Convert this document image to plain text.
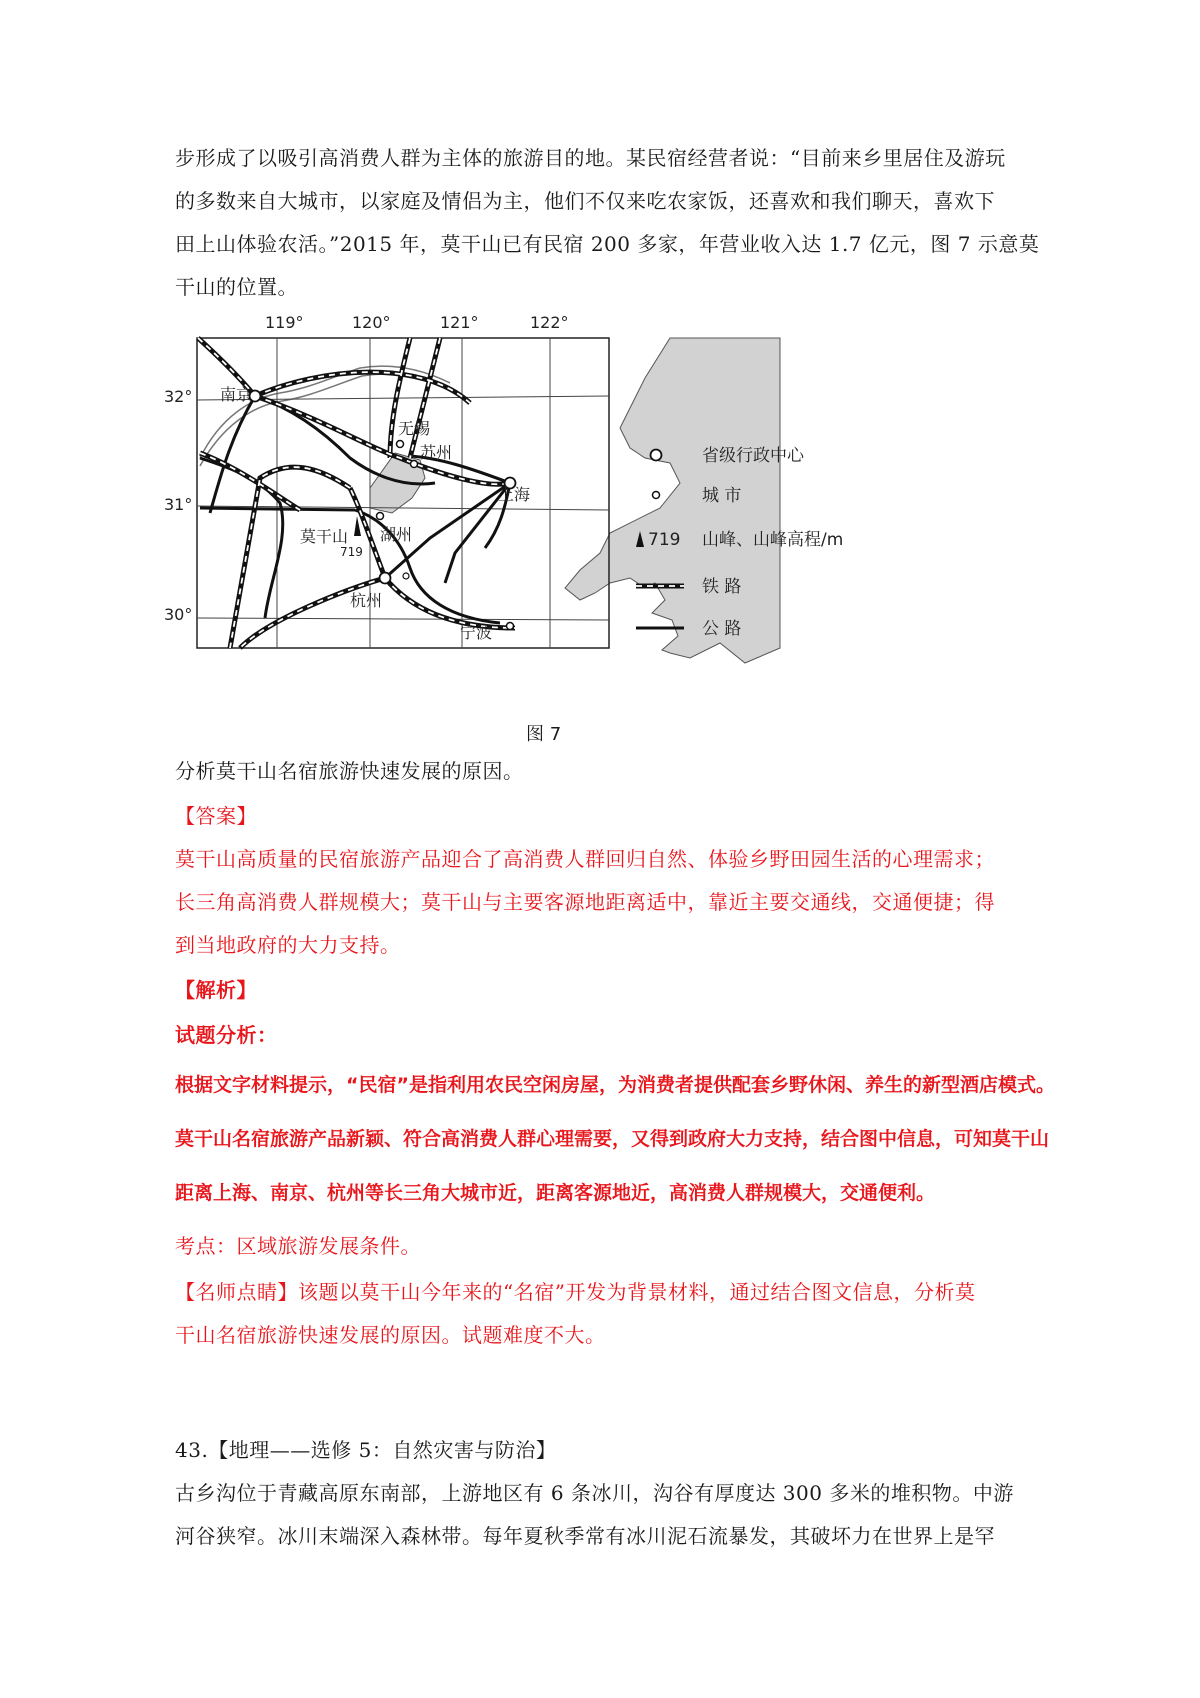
步形成了以吸引高消费人群为主体的旅游目的地。某民宿经营者说：“目前来乡里居住及游玩
的多数来自大城市，以家庭及情侣为主，他们不仅来吃农家饭，还喜欢和我们聊天，喜欢下
田上山体验农活。”2015 年，莫干山已有民宿 200 多家，年营业收入达 1.7 亿元，图 7 示意莫
干山的位置。
119°	120°	121°	122°
32°
31°
30°
南京
无锡
苏州
上海
湖州
杭州
宁波
莫干山
719
省级行政中心
城 市
719 山峰、山峰高程/m
铁 路
公 路
图 7
分析莫干山名宿旅游快速发展的原因。
【答案】
莫干山高质量的民宿旅游产品迎合了高消费人群回归自然、体验乡野田园生活的心理需求；
长三角高消费人群规模大；莫干山与主要客源地距离适中，靠近主要交通线，交通便捷；得
到当地政府的大力支持。
【解析】
试题分析：
根据文字材料提示，“民宿”是指利用农民空闲房屋，为消费者提供配套乡野休闲、养生的新型酒店模式。
莫干山名宿旅游产品新颖、符合高消费人群心理需要，又得到政府大力支持，结合图中信息，可知莫干山
距离上海、南京、杭州等长三角大城市近，距离客源地近，高消费人群规模大，交通便利。
考点：区域旅游发展条件。
【名师点睛】该题以莫干山今年来的“名宿”开发为背景材料，通过结合图文信息，分析莫
干山名宿旅游快速发展的原因。试题难度不大。
43.【地理——选修 5：自然灾害与防治】
古乡沟位于青藏高原东南部，上游地区有 6 条冰川，沟谷有厚度达 300 多米的堆积物。中游
河谷狭窄。冰川末端深入森林带。每年夏秋季常有冰川泥石流暴发，其破坏力在世界上是罕
